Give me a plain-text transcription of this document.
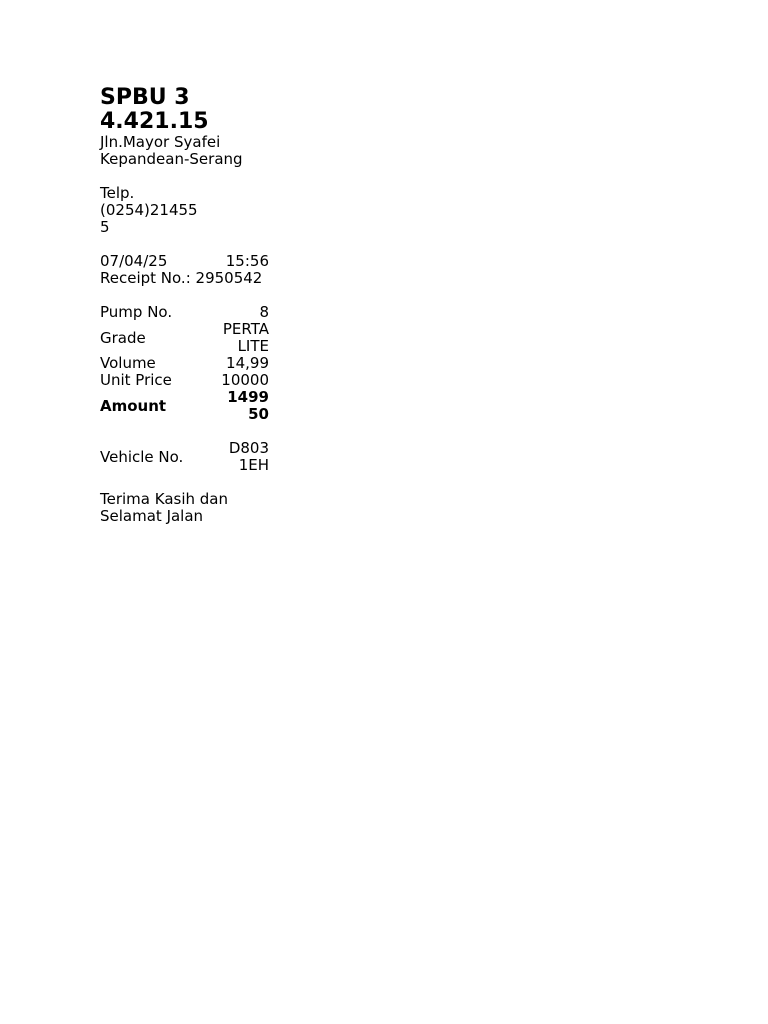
SPBU 34.421.15
Jln.Mayor Syafei
Kepandean-Serang
Telp.
(0254)214555
07/04/25	15:56
Receipt No.: 2950542
Pump No.	8
Grade	PERTALITE
Volume	14,99
Unit Price	10000
Amount	149950

Vehicle No.	D8031EH
Terima Kasih dan
Selamat Jalan
